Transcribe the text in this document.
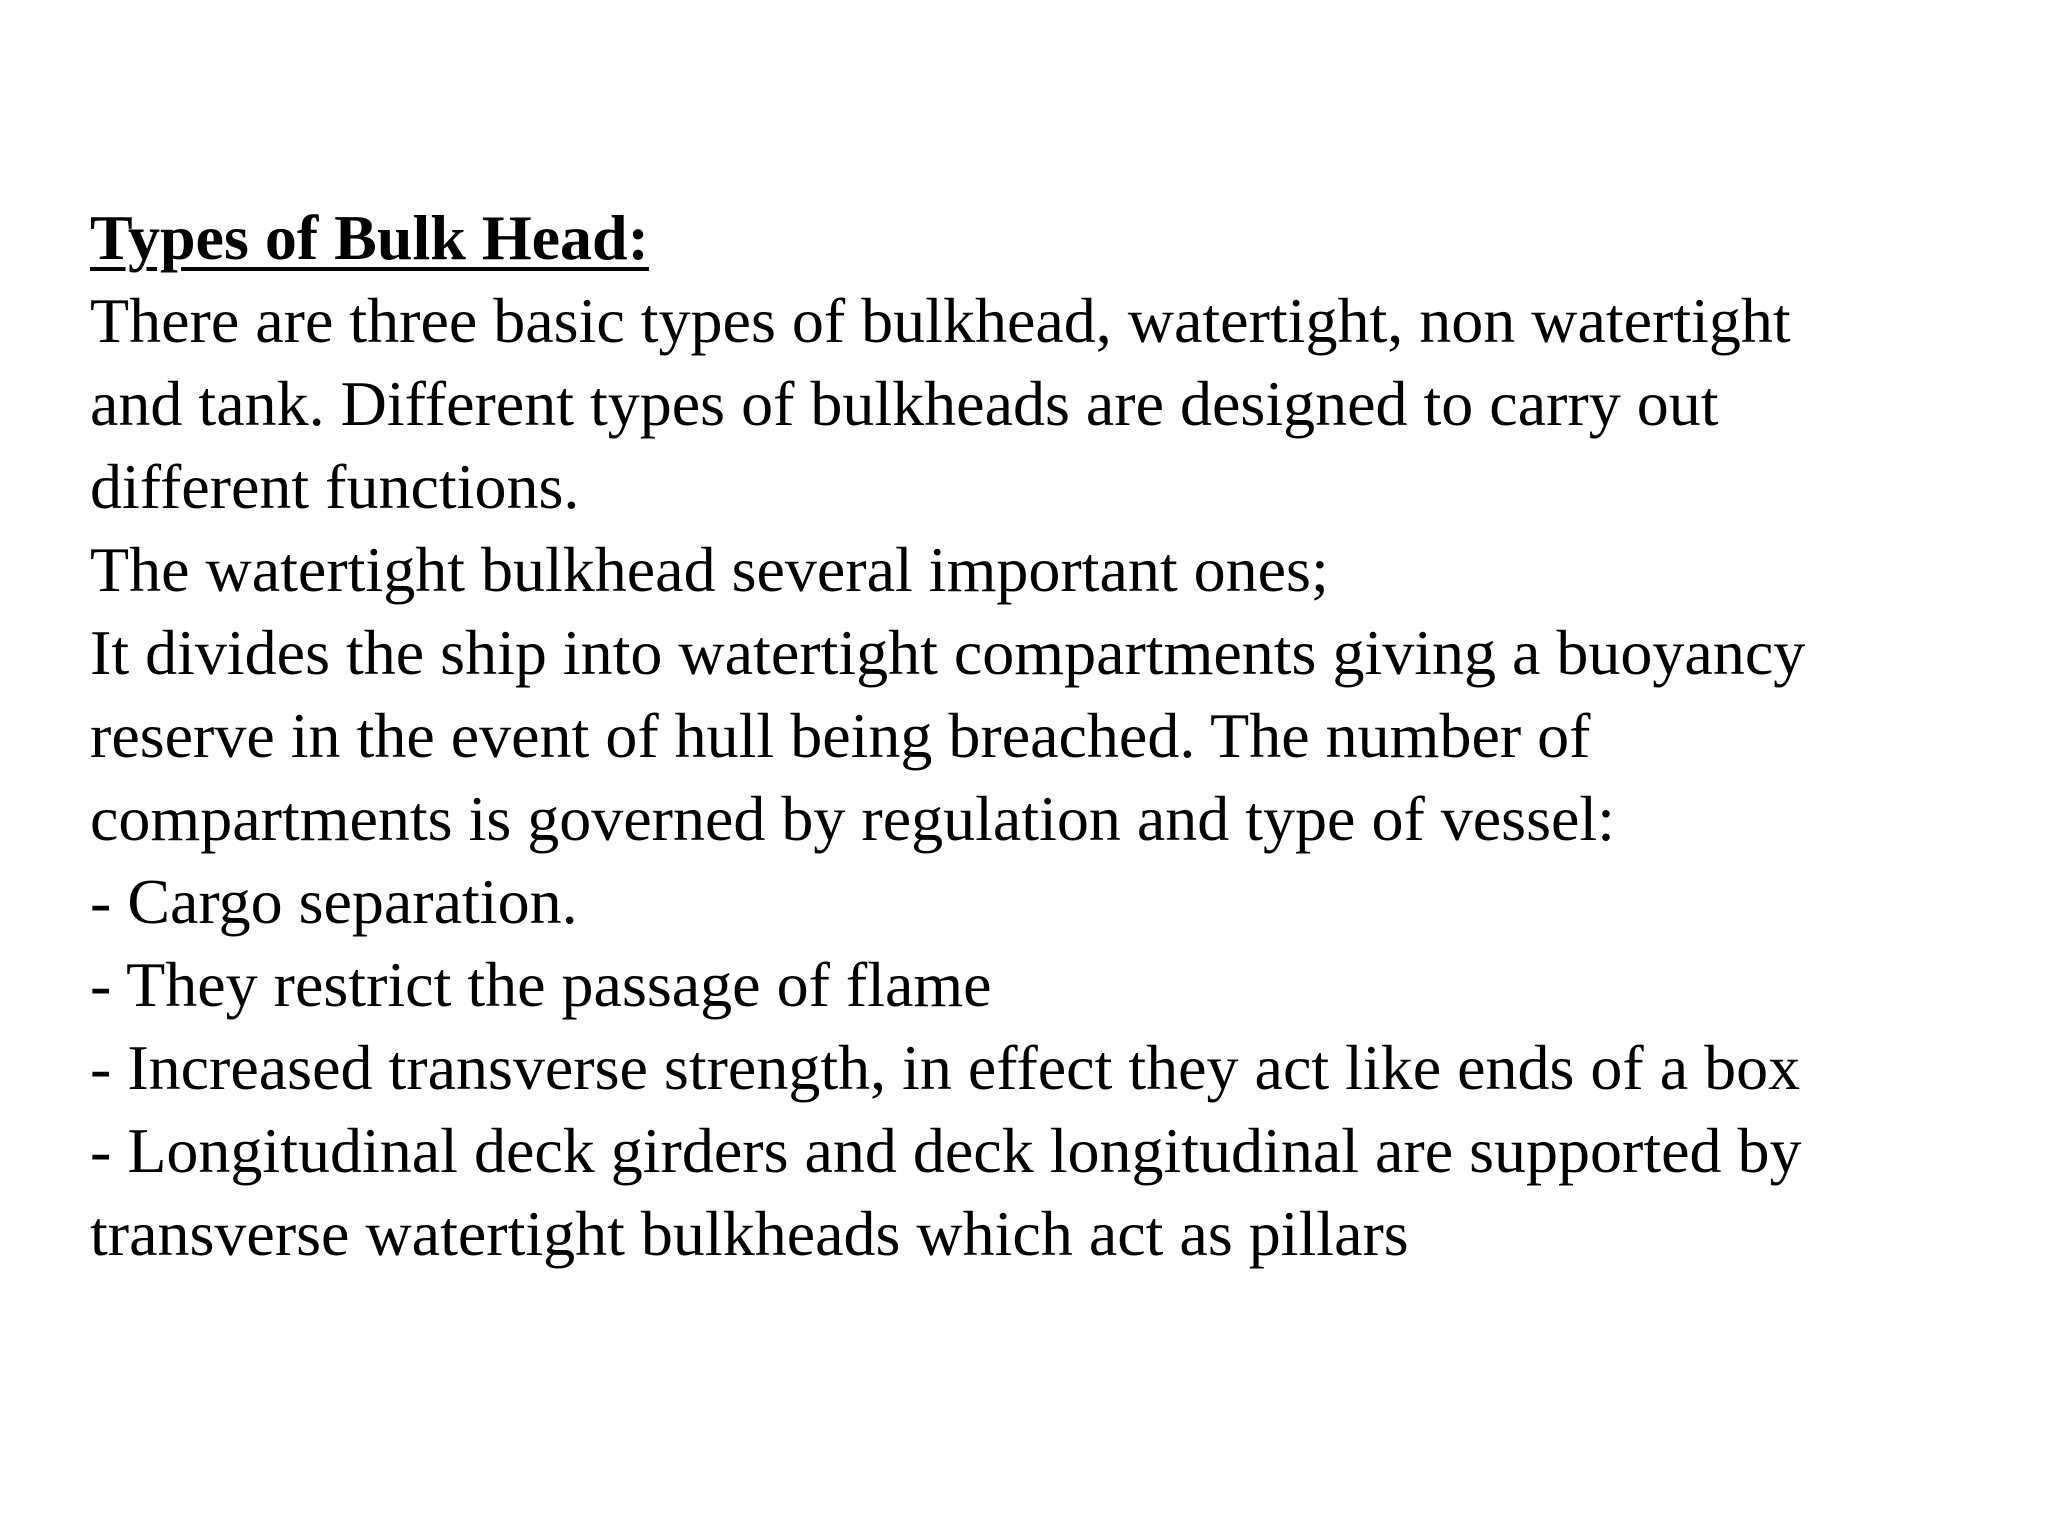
Types of Bulk Head:

There are three basic types of bulkhead, watertight, non watertight

and tank. Different types of bulkheads are designed to carry out

different functions.

The watertight bulkhead several important ones;

It divides the ship into watertight compartments giving a buoyancy

reserve in the event of hull being breached. The number of

compartments is governed by regulation and type of vessel:

- Cargo separation.

- They restrict the passage of flame

- Increased transverse strength, in effect they act like ends of a box

- Longitudinal deck girders and deck longitudinal are supported by

transverse watertight bulkheads which act as pillars
